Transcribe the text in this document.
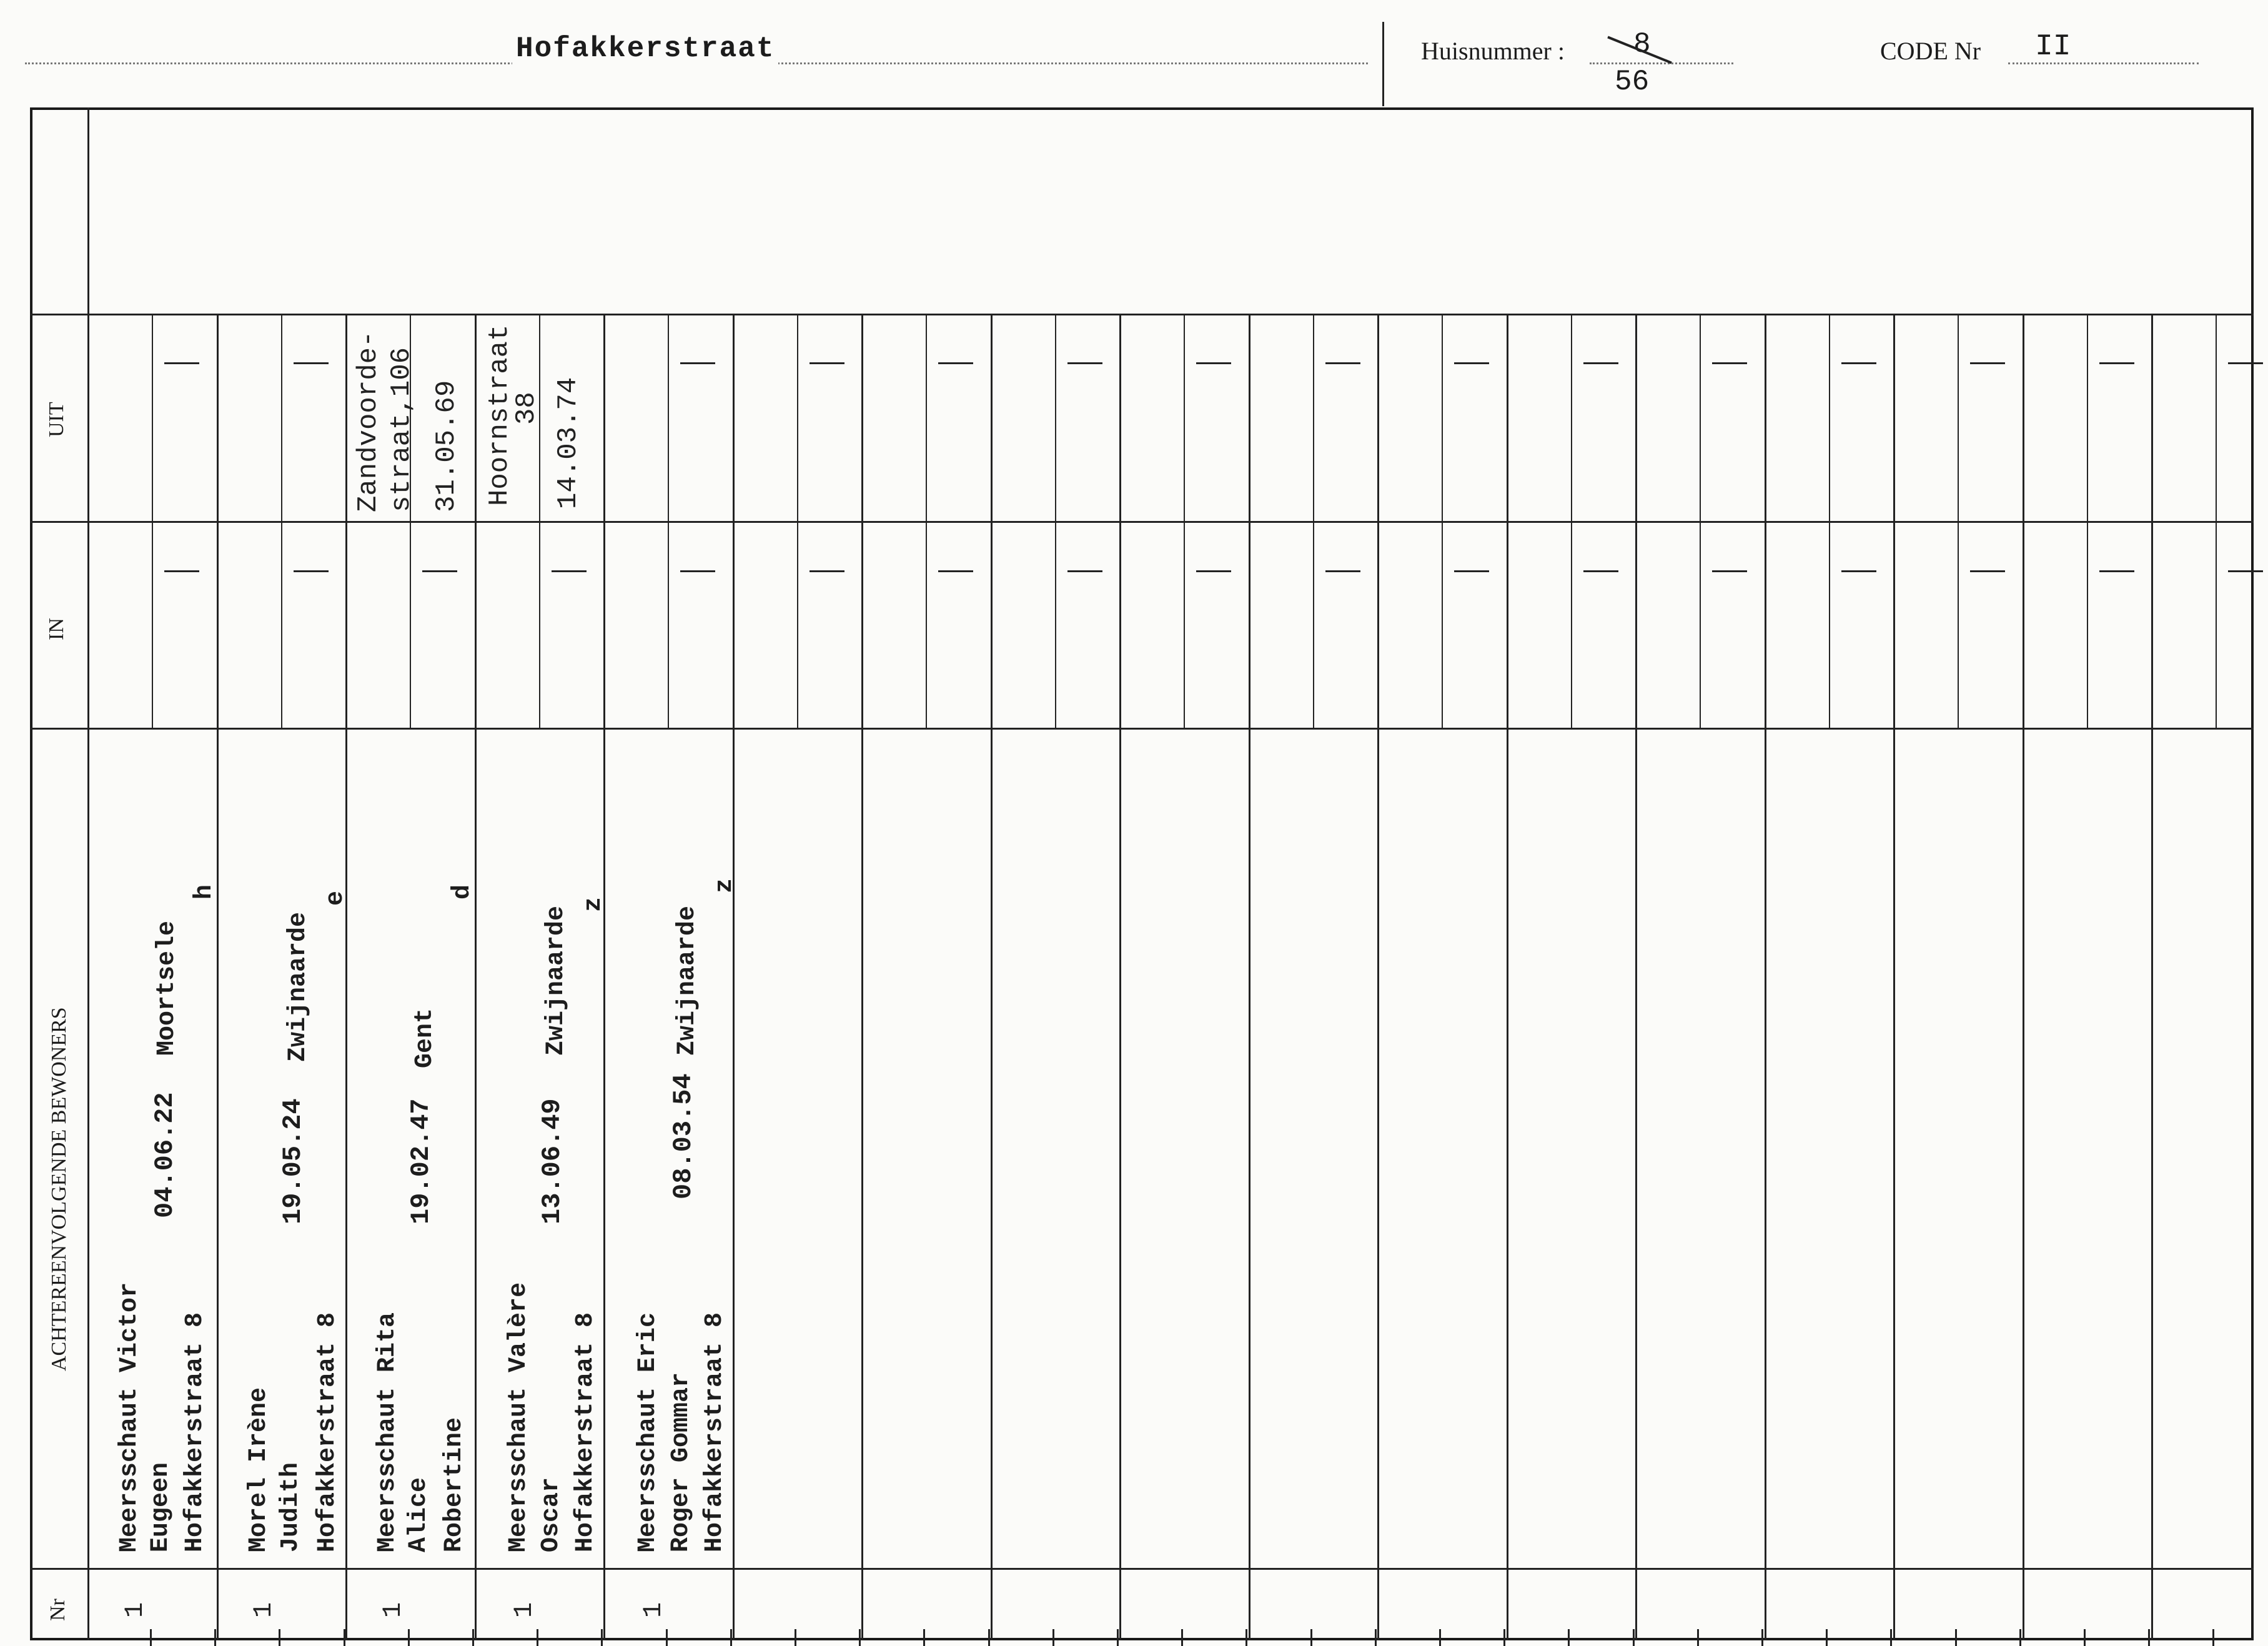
Hofakkerstraat	Huisnummer : 8
56
CODE Nr II
UIT
IN
ACHTEREENVOLGENDE BEWONERS
Nr
Meersschaut Victor Eugeen Hofakkerstraat 8
04.06.22
Moortsele
h
1
Morel Irène Judith Hofakkerstraat 8
19.05.24
Zwijnaarde
e
1
Meersschaut Rita Alice Robertine
19.02.47
Gent
d
1
Zandvoorde- straat,106 31.05.69
Meersschaut Valère Oscar Hofakkerstraat 8
13.06.49
Zwijnaarde
z
1
Hoornstraat
38 14.03.74
Meersschaut Eric Roger Gommar Hofakkerstraat 8
08.03.54
Zwijnaarde
z
1
